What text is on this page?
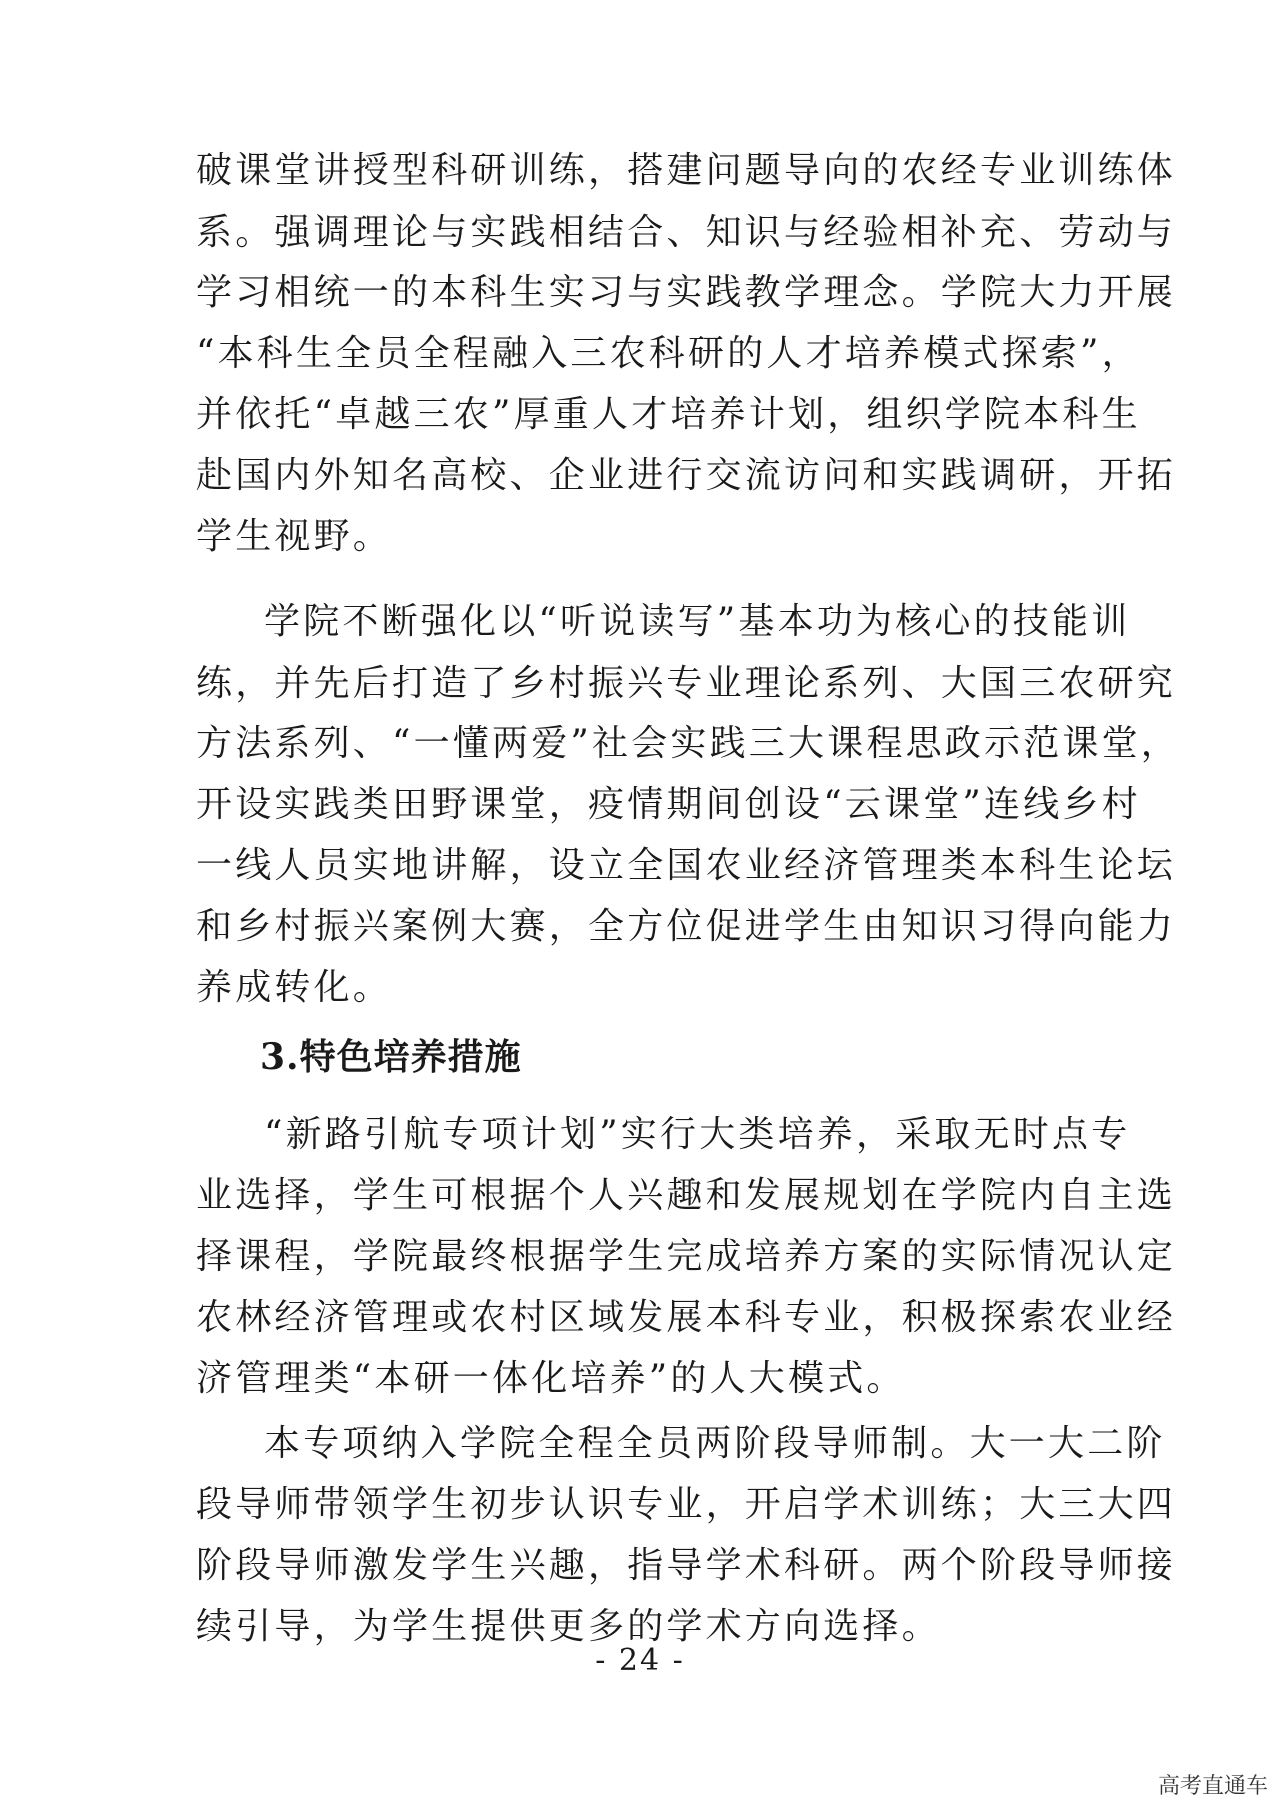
破课堂讲授型科研训练，搭建问题导向的农经专业训练体
系。强调理论与实践相结合、知识与经验相补充、劳动与
学习相统一的本科生实习与实践教学理念。学院大力开展
“本科生全员全程融入三农科研的人才培养模式探索”，
并依托“卓越三农”厚重人才培养计划，组织学院本科生
赴国内外知名高校、企业进行交流访问和实践调研，开拓
学生视野。
学院不断强化以“听说读写”基本功为核心的技能训
练，并先后打造了乡村振兴专业理论系列、大国三农研究
方法系列、“一懂两爱”社会实践三大课程思政示范课堂，
开设实践类田野课堂，疫情期间创设“云课堂”连线乡村
一线人员实地讲解，设立全国农业经济管理类本科生论坛
和乡村振兴案例大赛，全方位促进学生由知识习得向能力
养成转化。
3.特色培养措施
“新路引航专项计划”实行大类培养，采取无时点专
业选择，学生可根据个人兴趣和发展规划在学院内自主选
择课程，学院最终根据学生完成培养方案的实际情况认定
农林经济管理或农村区域发展本科专业，积极探索农业经
济管理类“本研一体化培养”的人大模式。
本专项纳入学院全程全员两阶段导师制。大一大二阶
段导师带领学生初步认识专业，开启学术训练；大三大四
阶段导师激发学生兴趣，指导学术科研。两个阶段导师接
续引导，为学生提供更多的学术方向选择。
- 24 -
高考直通车
